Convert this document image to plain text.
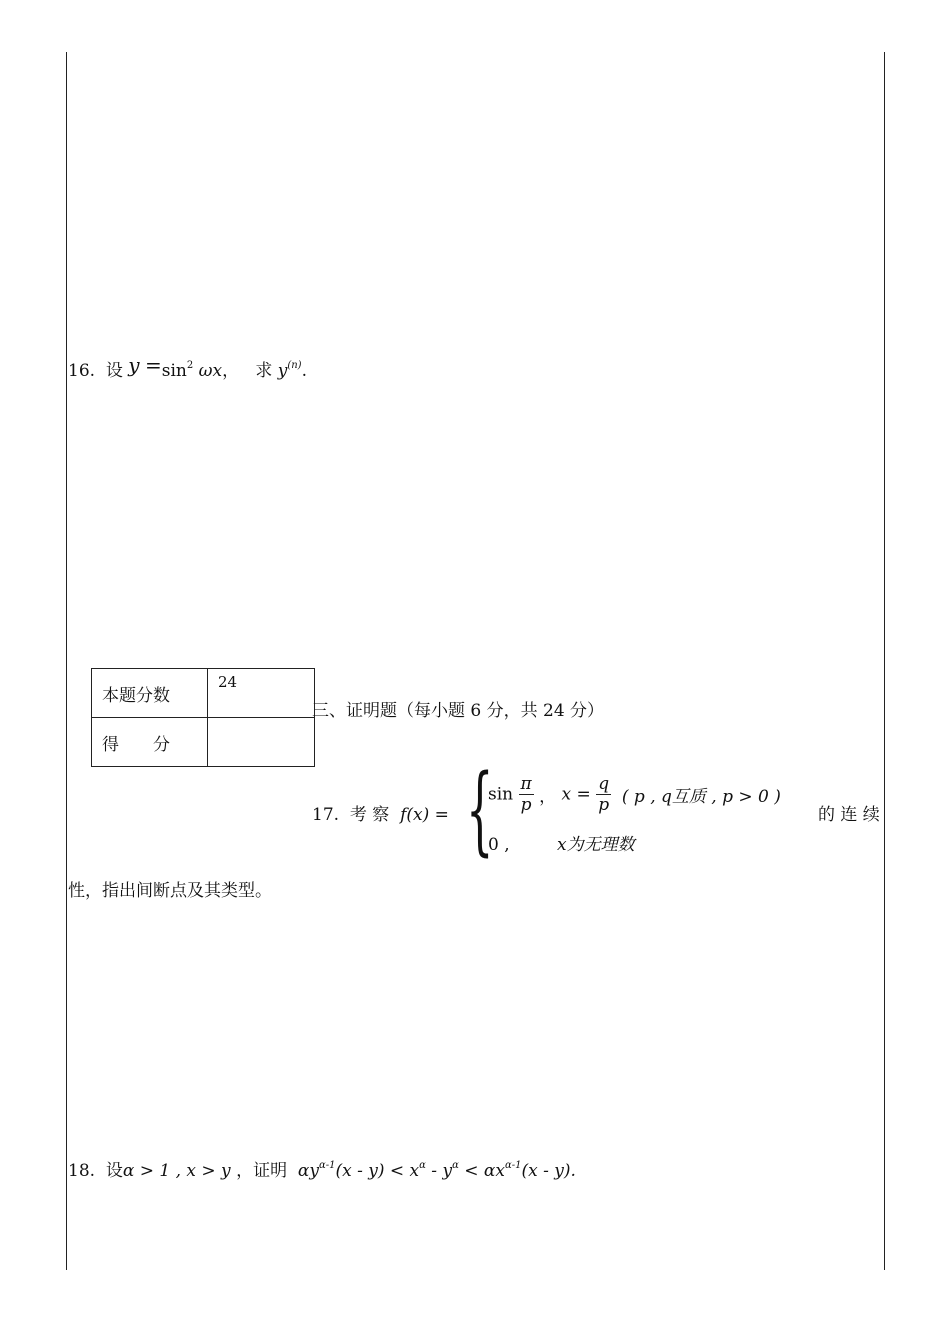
16. 设 $y =\sin^2$ ωx， 求 $y^{(n)}$.
本题分数	24
得　　分	
三、证明题（每小题 6 分，共 24 分）
17. 考 察 f(x) = {
$\sin \frac{\pi}{p}$ ， $x = \frac{q}{p}$ ( p , q互质 , p > 0 )
的 连 续
0 ,	x为无理数
性，指出间断点及其类型。
18. 设α > 1 , x > y ，证明 $\alpha y^{\alpha-1}(x - y) < x^\alpha - y^\alpha < \alpha x^{\alpha-1}(x - y)$.
